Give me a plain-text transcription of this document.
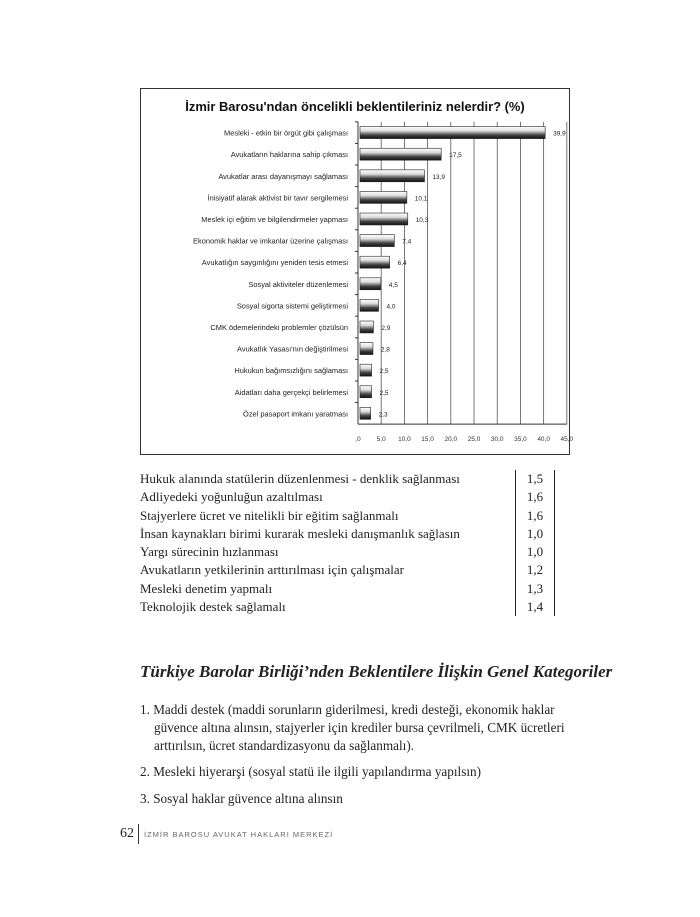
İzmir Barosu'ndan öncelikli beklentileriniz nelerdir? (%)
,0 5,0 10,0 15,0 20,0 25,0 30,0 35,0 40,0 45,0
Mesleki - etkin bir örgüt gibi çalışması	39,9
Avukatların haklarına sahip çıkması	17,5
Avukatlar arası dayanışmayı sağlaması	13,9
İnisiyatif alarak aktivist bir tavır sergilemesi	10,1
Meslek içi eğitim ve bilgilendirmeler yapması	10,3
Ekonomik haklar ve imkanlar üzerine çalışması	7,4
Avukatlığın saygınlığını yeniden tesis etmesi	6,4
Sosyal aktiviteler düzenlemesi	4,5
Sosyal sigorta sistemi geliştirmesi	4,0
CMK ödemelerindeki problemler çözülsün	2,9
Avukatlık Yasası'nın değiştirilmesi	2,8
Hukukun bağımsızlığını sağlaması	2,5
Aidatları daha gerçekçi belirlemesi	2,5
Özel pasaport imkanı yaratması	2,3
Hukuk alanında statülerin düzenlenmesi - denklik sağlanması	1,5
Adliyedeki yoğunluğun azaltılması	1,6
Stajyerlere ücret ve nitelikli bir eğitim sağlanmalı	1,6
İnsan kaynakları birimi kurarak mesleki danışmanlık sağlasın	1,0
Yargı sürecinin hızlanması	1,0
Avukatların yetkilerinin arttırılması için çalışmalar	1,2
Mesleki denetim yapmalı	1,3
Teknolojik destek sağlamalı	1,4
Türkiye Barolar Birliği’nden Beklentilere İlişkin Genel Kategoriler
1. Maddi destek (maddi sorunların giderilmesi, kredi desteği, ekonomik haklar
güvence altına alınsın, stajyerler için krediler bursa çevrilmeli, CMK ücretleri
arttırılsın, ücret standardizasyonu da sağlanmalı).
2. Mesleki hiyerarşi (sosyal statü ile ilgili yapılandırma yapılsın)
3. Sosyal haklar güvence altına alınsın
62	İZMİR BAROSU AVUKAT HAKLARI MERKEZİ
